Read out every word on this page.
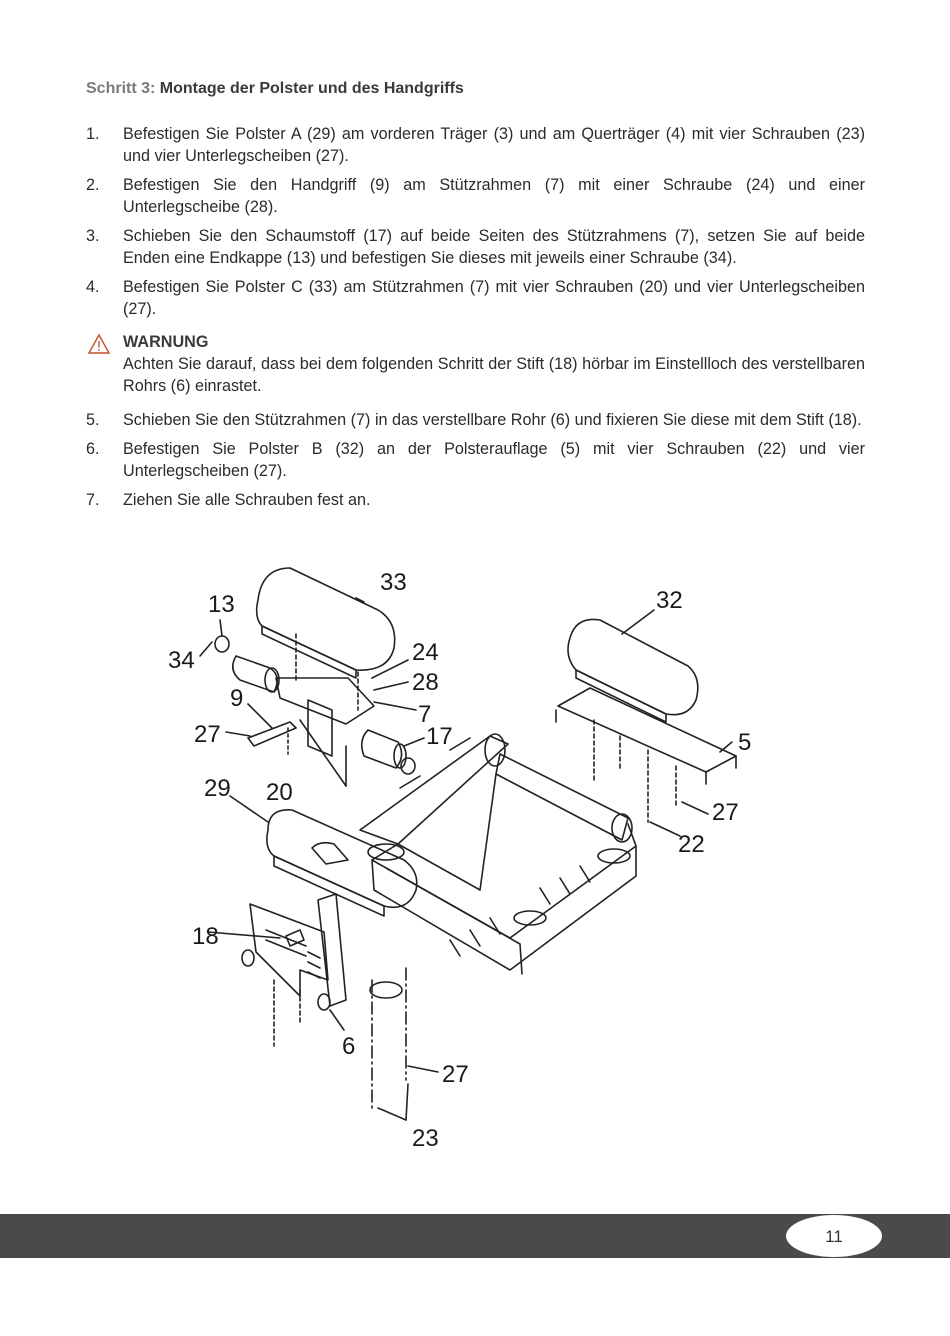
Schritt 3: Montage der Polster und des Handgriffs
1. Befestigen Sie Polster A (29) am vorderen Träger (3) und am Querträger (4) mit vier Schrauben (23) und vier Unterlegscheiben (27).
2. Befestigen Sie den Handgriff (9) am Stützrahmen (7) mit einer Schraube (24) und einer Unterlegscheibe (28).
3. Schieben Sie den Schaumstoff (17) auf beide Seiten des Stützrahmens (7), setzen Sie auf beide Enden eine Endkappe (13) und befestigen Sie dieses mit jeweils einer Schraube (34).
4. Befestigen Sie Polster C (33) am Stützrahmen (7) mit vier Schrauben (20) und vier Unterlegscheiben (27).
WARNUNG
Achten Sie darauf, dass bei dem folgenden Schritt der Stift (18) hörbar im Einstellloch des verstellbaren Rohrs (6) einrastet.
5. Schieben Sie den Stützrahmen (7) in das verstellbare Rohr (6) und fixieren Sie diese mit dem Stift (18).
6. Befestigen Sie Polster B (32) an der Polsterauflage (5) mit vier Schrauben (22) und vier Unterlegscheiben (27).
7. Ziehen Sie alle Schrauben fest an.
33
13	32
34	24
28
9
7
27	17	5
29 20
27
22
18
6
27
23
11
